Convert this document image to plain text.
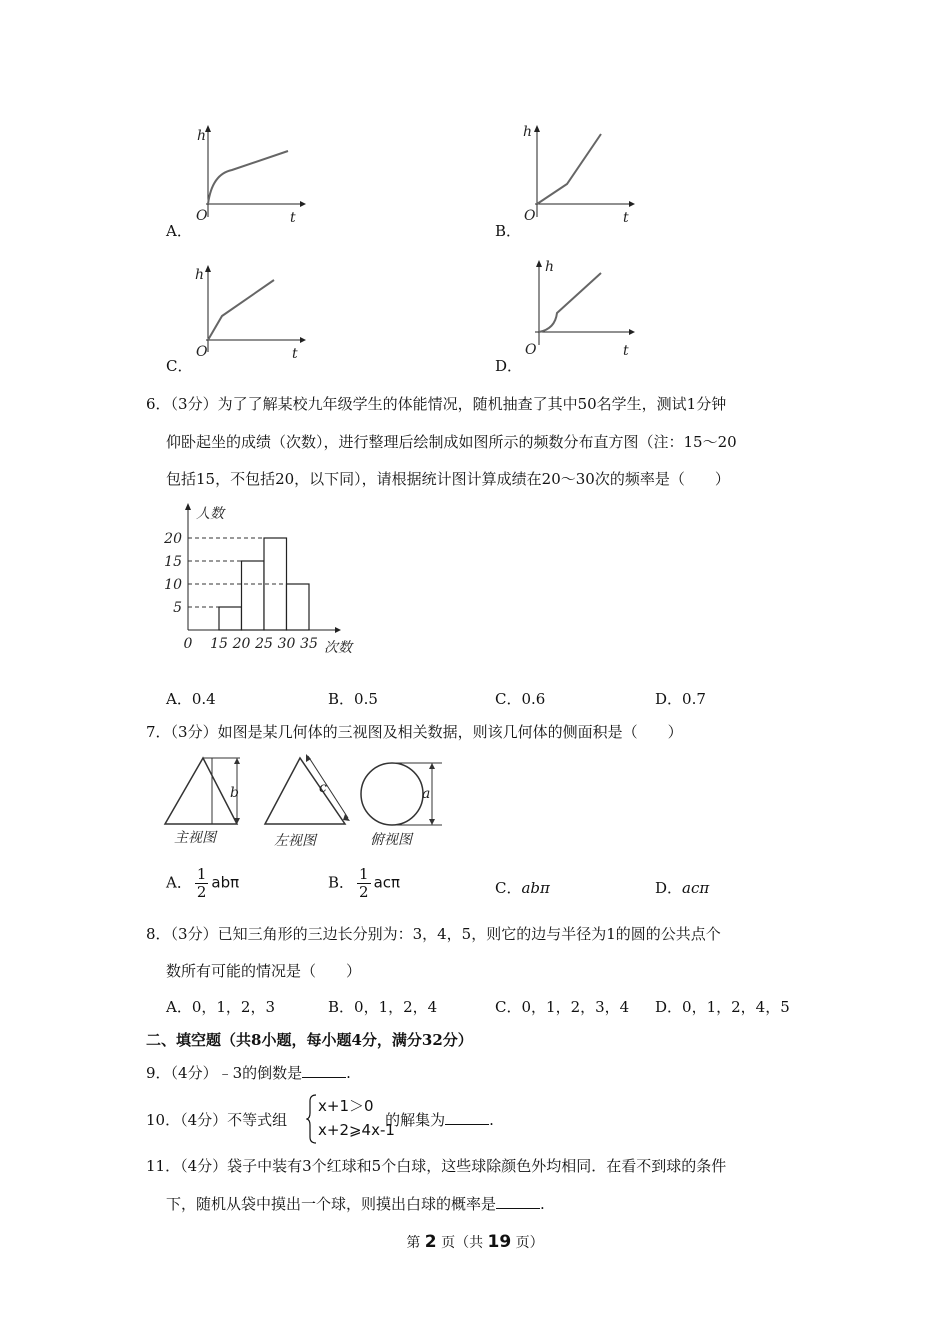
h
t
O
A．
h
t
O
B．
h
t
O
C．
h
t
O
D．
6．（3分）为了了解某校九年级学生的体能情况，随机抽查了其中50名学生，测试1分钟
仰卧起坐的成绩（次数），进行整理后绘制成如图所示的频数分布直方图（注：15～20
包括15，不包括20，以下同），请根据统计图计算成绩在20～30次的频率是（　　）
5
10
15
20
0 15 20 25 30 35
人数
次数
A．0.4	B．0.5	C．0.6	D．0.7
7．（3分）如图是某几何体的三视图及相关数据，则该几何体的侧面积是（　　）
b
主视图
c
左视图
a
俯视图
A． $\frac{1}{2}$ abπ	B． $\frac{1}{2}$ acπ	C．abπ	D．acπ
8．（3分）已知三角形的三边长分别为：3，4，5，则它的边与半径为1的圆的公共点个
数所有可能的情况是（　　）
A．0，1，2，3	B．0，1，2，4	C．0，1，2，3，4 D．0，1，2，4，5
二、填空题（共8小题，每小题4分，满分32分）
9．（4分）﹣3的倒数是	.
10．（4分）不等式组	的解集为	.
x+1＞0
x+2⩾4x-1
11．（4分）袋子中装有3个红球和5个白球，这些球除颜色外均相同．在看不到球的条件
下，随机从袋中摸出一个球，则摸出白球的概率是	.
第 2 页（共 19 页）
